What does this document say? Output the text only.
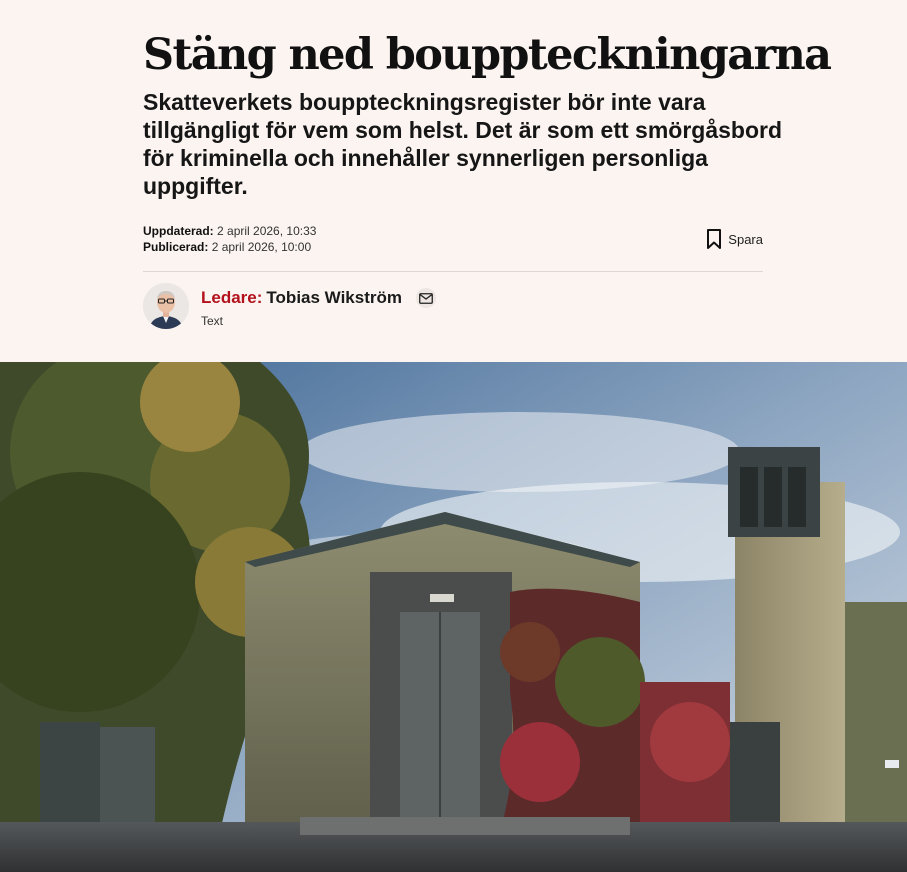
Stäng ned bouppteckningarna

Skatteverkets bouppteckningsregister bör inte vara tillgängligt för vem som helst. Det är som ett smörgåsbord för kriminella och innehåller synnerligen personliga uppgifter.

Uppdaterad: 2 april 2026, 10:33
Publicerad: 2 april 2026, 10:00
Spara
Ledare: Tobias Wikström
Text
